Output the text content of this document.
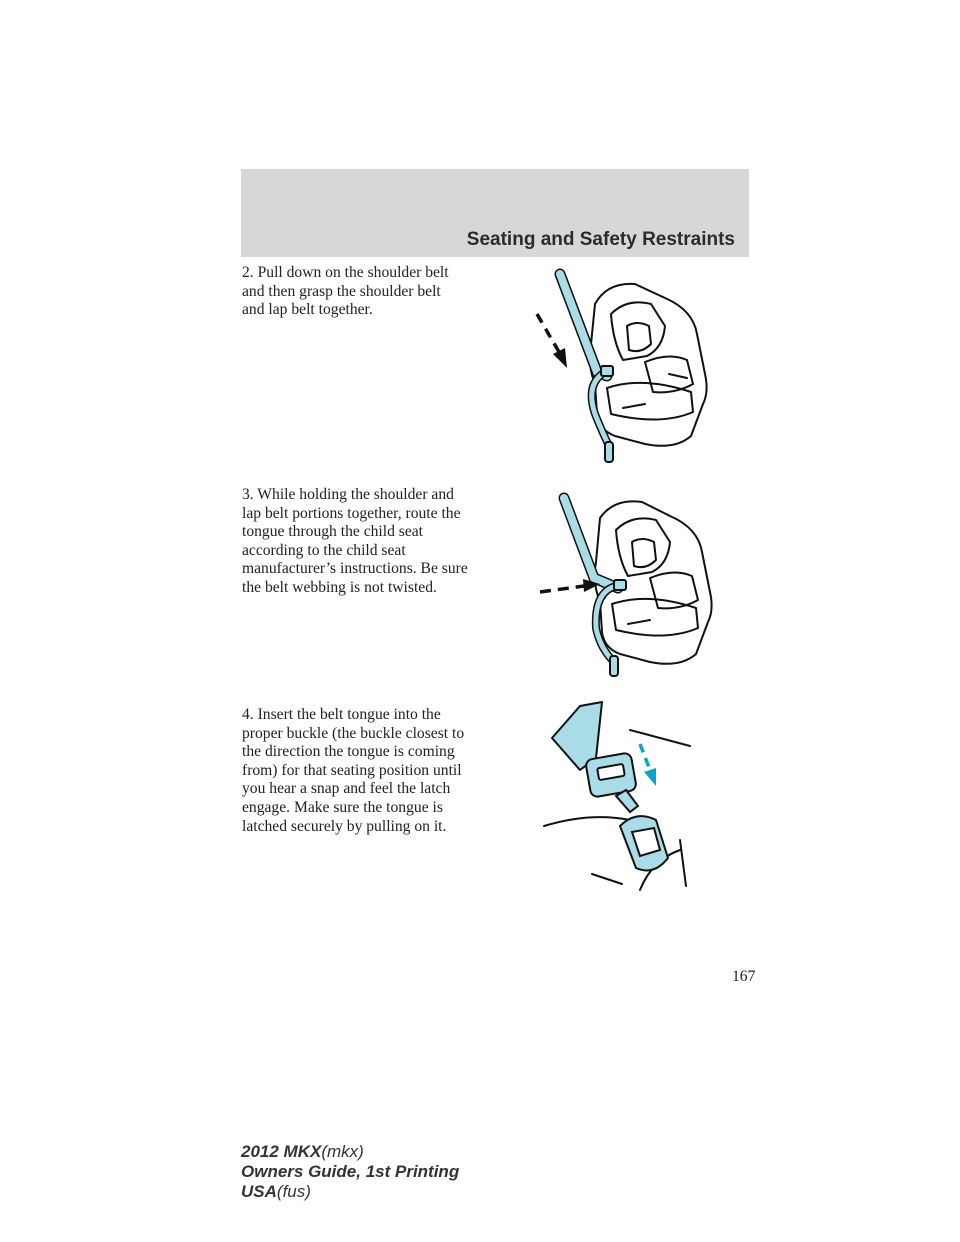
Seating and Safety Restraints
2. Pull down on the shoulder belt
and then grasp the shoulder belt
and lap belt together.
3. While holding the shoulder and
lap belt portions together, route the
tongue through the child seat
according to the child seat
manufacturer’s instructions. Be sure
the belt webbing is not twisted.
4. Insert the belt tongue into the
proper buckle (the buckle closest to
the direction the tongue is coming
from) for that seating position until
you hear a snap and feel the latch
engage. Make sure the tongue is
latched securely by pulling on it.
167
2012 MKX(mkx)
Owners Guide, 1st Printing
USA(fus)
